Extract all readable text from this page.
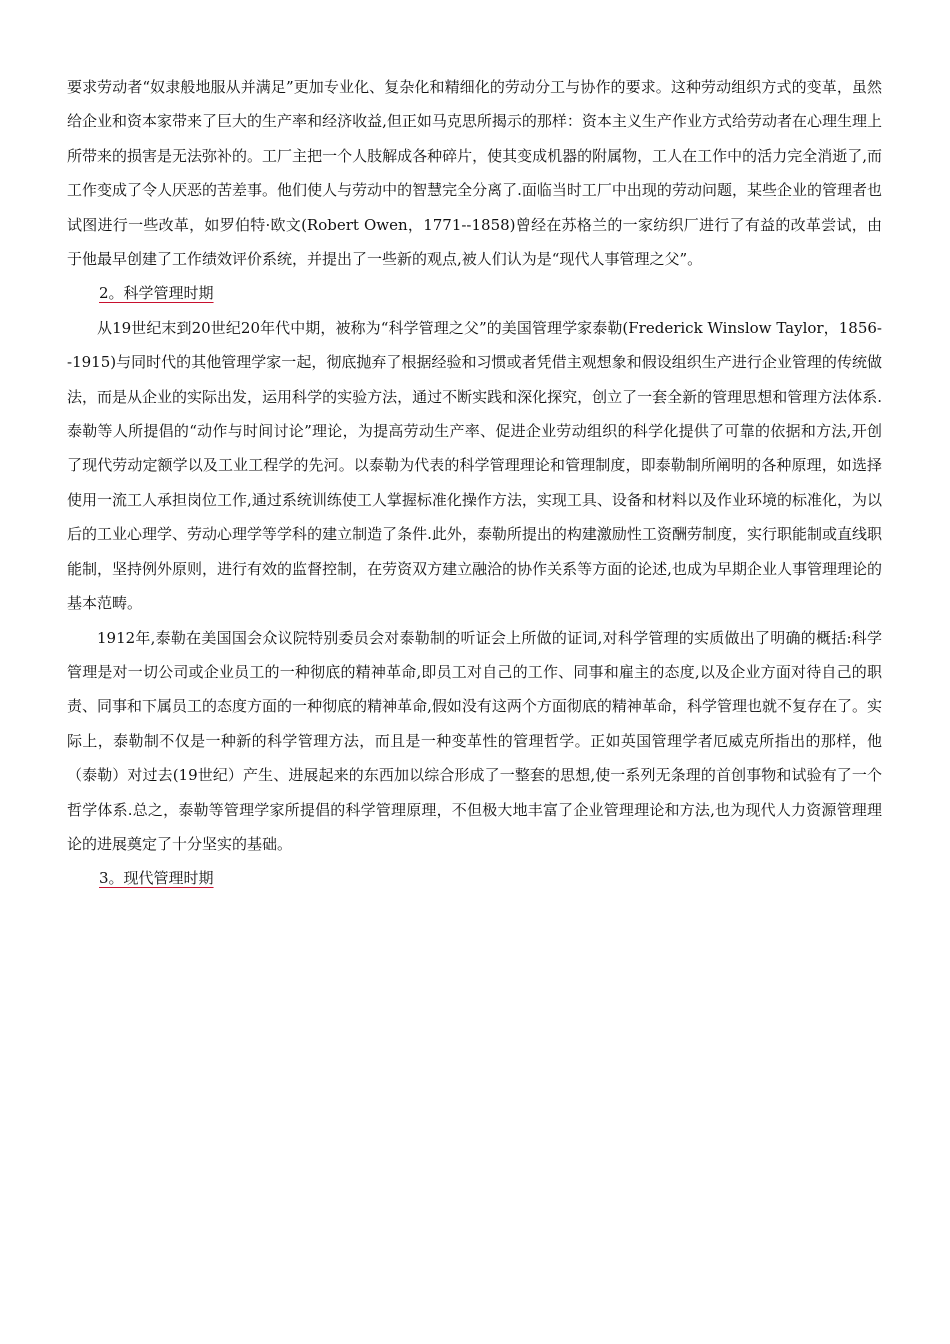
要求劳动者“奴隶般地服从并满足”更加专业化、复杂化和精细化的劳动分工与协作的要求。这种劳动组织方式的变革，虽然给企业和资本家带来了巨大的生产率和经济收益,但正如马克思所揭示的那样：资本主义生产作业方式给劳动者在心理生理上所带来的损害是无法弥补的。工厂主把一个人肢解成各种碎片，使其变成机器的附属物，工人在工作中的活力完全消逝了,而工作变成了令人厌恶的苦差事。他们使人与劳动中的智慧完全分离了.面临当时工厂中出现的劳动问题，某些企业的管理者也试图进行一些改革，如罗伯特·欧文(Robert Owen，1771--1858)曾经在苏格兰的一家纺织厂进行了有益的改革尝试，由于他最早创建了工作绩效评价系统，并提出了一些新的观点,被人们认为是“现代人事管理之父”。

2。科学管理时期

从19世纪末到20世纪20年代中期，被称为“科学管理之父”的美国管理学家泰勒(Frederick Winslow Taylor，1856--1915)与同时代的其他管理学家一起，彻底抛弃了根据经验和习惯或者凭借主观想象和假设组织生产进行企业管理的传统做法，而是从企业的实际出发，运用科学的实验方法，通过不断实践和深化探究，创立了一套全新的管理思想和管理方法体系.泰勒等人所提倡的“动作与时间讨论”理论，为提高劳动生产率、促进企业劳动组织的科学化提供了可靠的依据和方法,开创了现代劳动定额学以及工业工程学的先河。以泰勒为代表的科学管理理论和管理制度，即泰勒制所阐明的各种原理，如选择使用一流工人承担岗位工作,通过系统训练使工人掌握标准化操作方法，实现工具、设备和材料以及作业环境的标准化，为以后的工业心理学、劳动心理学等学科的建立制造了条件.此外，泰勒所提出的构建激励性工资酬劳制度，实行职能制或直线职能制，坚持例外原则，进行有效的监督控制，在劳资双方建立融洽的协作关系等方面的论述,也成为早期企业人事管理理论的基本范畴。

1912年,泰勒在美国国会众议院特别委员会对泰勒制的听证会上所做的证词,对科学管理的实质做出了明确的概括:科学管理是对一切公司或企业员工的一种彻底的精神革命,即员工对自己的工作、同事和雇主的态度,以及企业方面对待自己的职责、同事和下属员工的态度方面的一种彻底的精神革命,假如没有这两个方面彻底的精神革命，科学管理也就不复存在了。实际上，泰勒制不仅是一种新的科学管理方法，而且是一种变革性的管理哲学。正如英国管理学者厄威克所指出的那样，他（泰勒）对过去(19世纪）产生、进展起来的东西加以综合形成了一整套的思想,使一系列无条理的首创事物和试验有了一个哲学体系.总之，泰勒等管理学家所提倡的科学管理原理，不但极大地丰富了企业管理理论和方法,也为现代人力资源管理理论的进展奠定了十分坚实的基础。

3。现代管理时期
